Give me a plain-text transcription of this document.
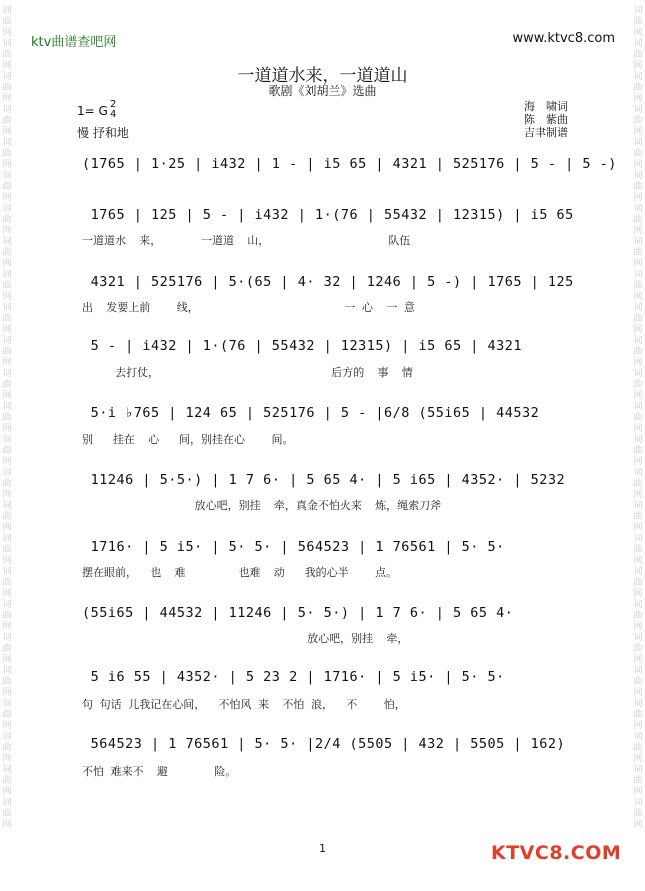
ktv曲谱查吧网	www.ktvc8.com
词曲网词曲网词曲网词曲网词曲网词曲网词曲网词曲网词曲网词曲网词曲网词曲网词曲网词曲网词曲网词曲网词曲网词曲网词曲网词曲网词曲网词曲网词曲网词曲网词曲网
词曲网词曲网词曲网词曲网词曲网词曲网词曲网词曲网词曲网词曲网词曲网词曲网词曲网词曲网词曲网词曲网词曲网词曲网词曲网词曲网词曲网词曲网词曲网词曲网词曲网
一道道水来，一道道山
歌剧《刘胡兰》选曲
1= G 2
4
慢 抒和地
海　啸词
陈　紫曲
吉聿制谱
(1765 | 1·25 | i432 | 1 - | i5 65 | 4321 | 525176 | 5 - | 5 -)
1765 | 125 | 5 - | i432 | 1·(76 | 55432 | 12315) | i5 65
一道道水  来，      一道道  山，                  队伍
4321 | 525176 | 5·(65 | 4· 32 | 1246 | 5 -) | 1765 | 125
出  发要上前    线，                      一 心  一 意
5 - | i432 | 1·(76 | 55432 | 12315) | i5 65 | 4321
去打仗，                          后方的  事  情
5·i ♭765 | 124 65 | 525176 | 5 - |6/8 (55i65 | 44532
别   挂在  心   间，别挂在心    间。
11246 | 5·5·) | 1 7 6· | 5 65 4· | 5 i65 | 4352· | 5232
放心吧，别挂  牵，真金不怕火来  炼，绳索刀斧
1716· | 5 i5· | 5· 5· | 564523 | 1 76561 | 5· 5·
摆在眼前，  也  难        也难  动   我的心半    点。
(55i65 | 44532 | 11246 | 5· 5·) | 1 7 6· | 5 65 4·
放心吧，别挂  牵，
5 i6 55 | 4352· | 5 23 2 | 1716· | 5 i5· | 5· 5·
句 句话 儿我记在心间，  不怕风 来  不怕 浪，  不    怕，
564523 | 1 76561 | 5· 5· |2/4 (5505 | 432 | 5505 | 162)
不怕 难来不  避       险。
1	KTVC8.COM
